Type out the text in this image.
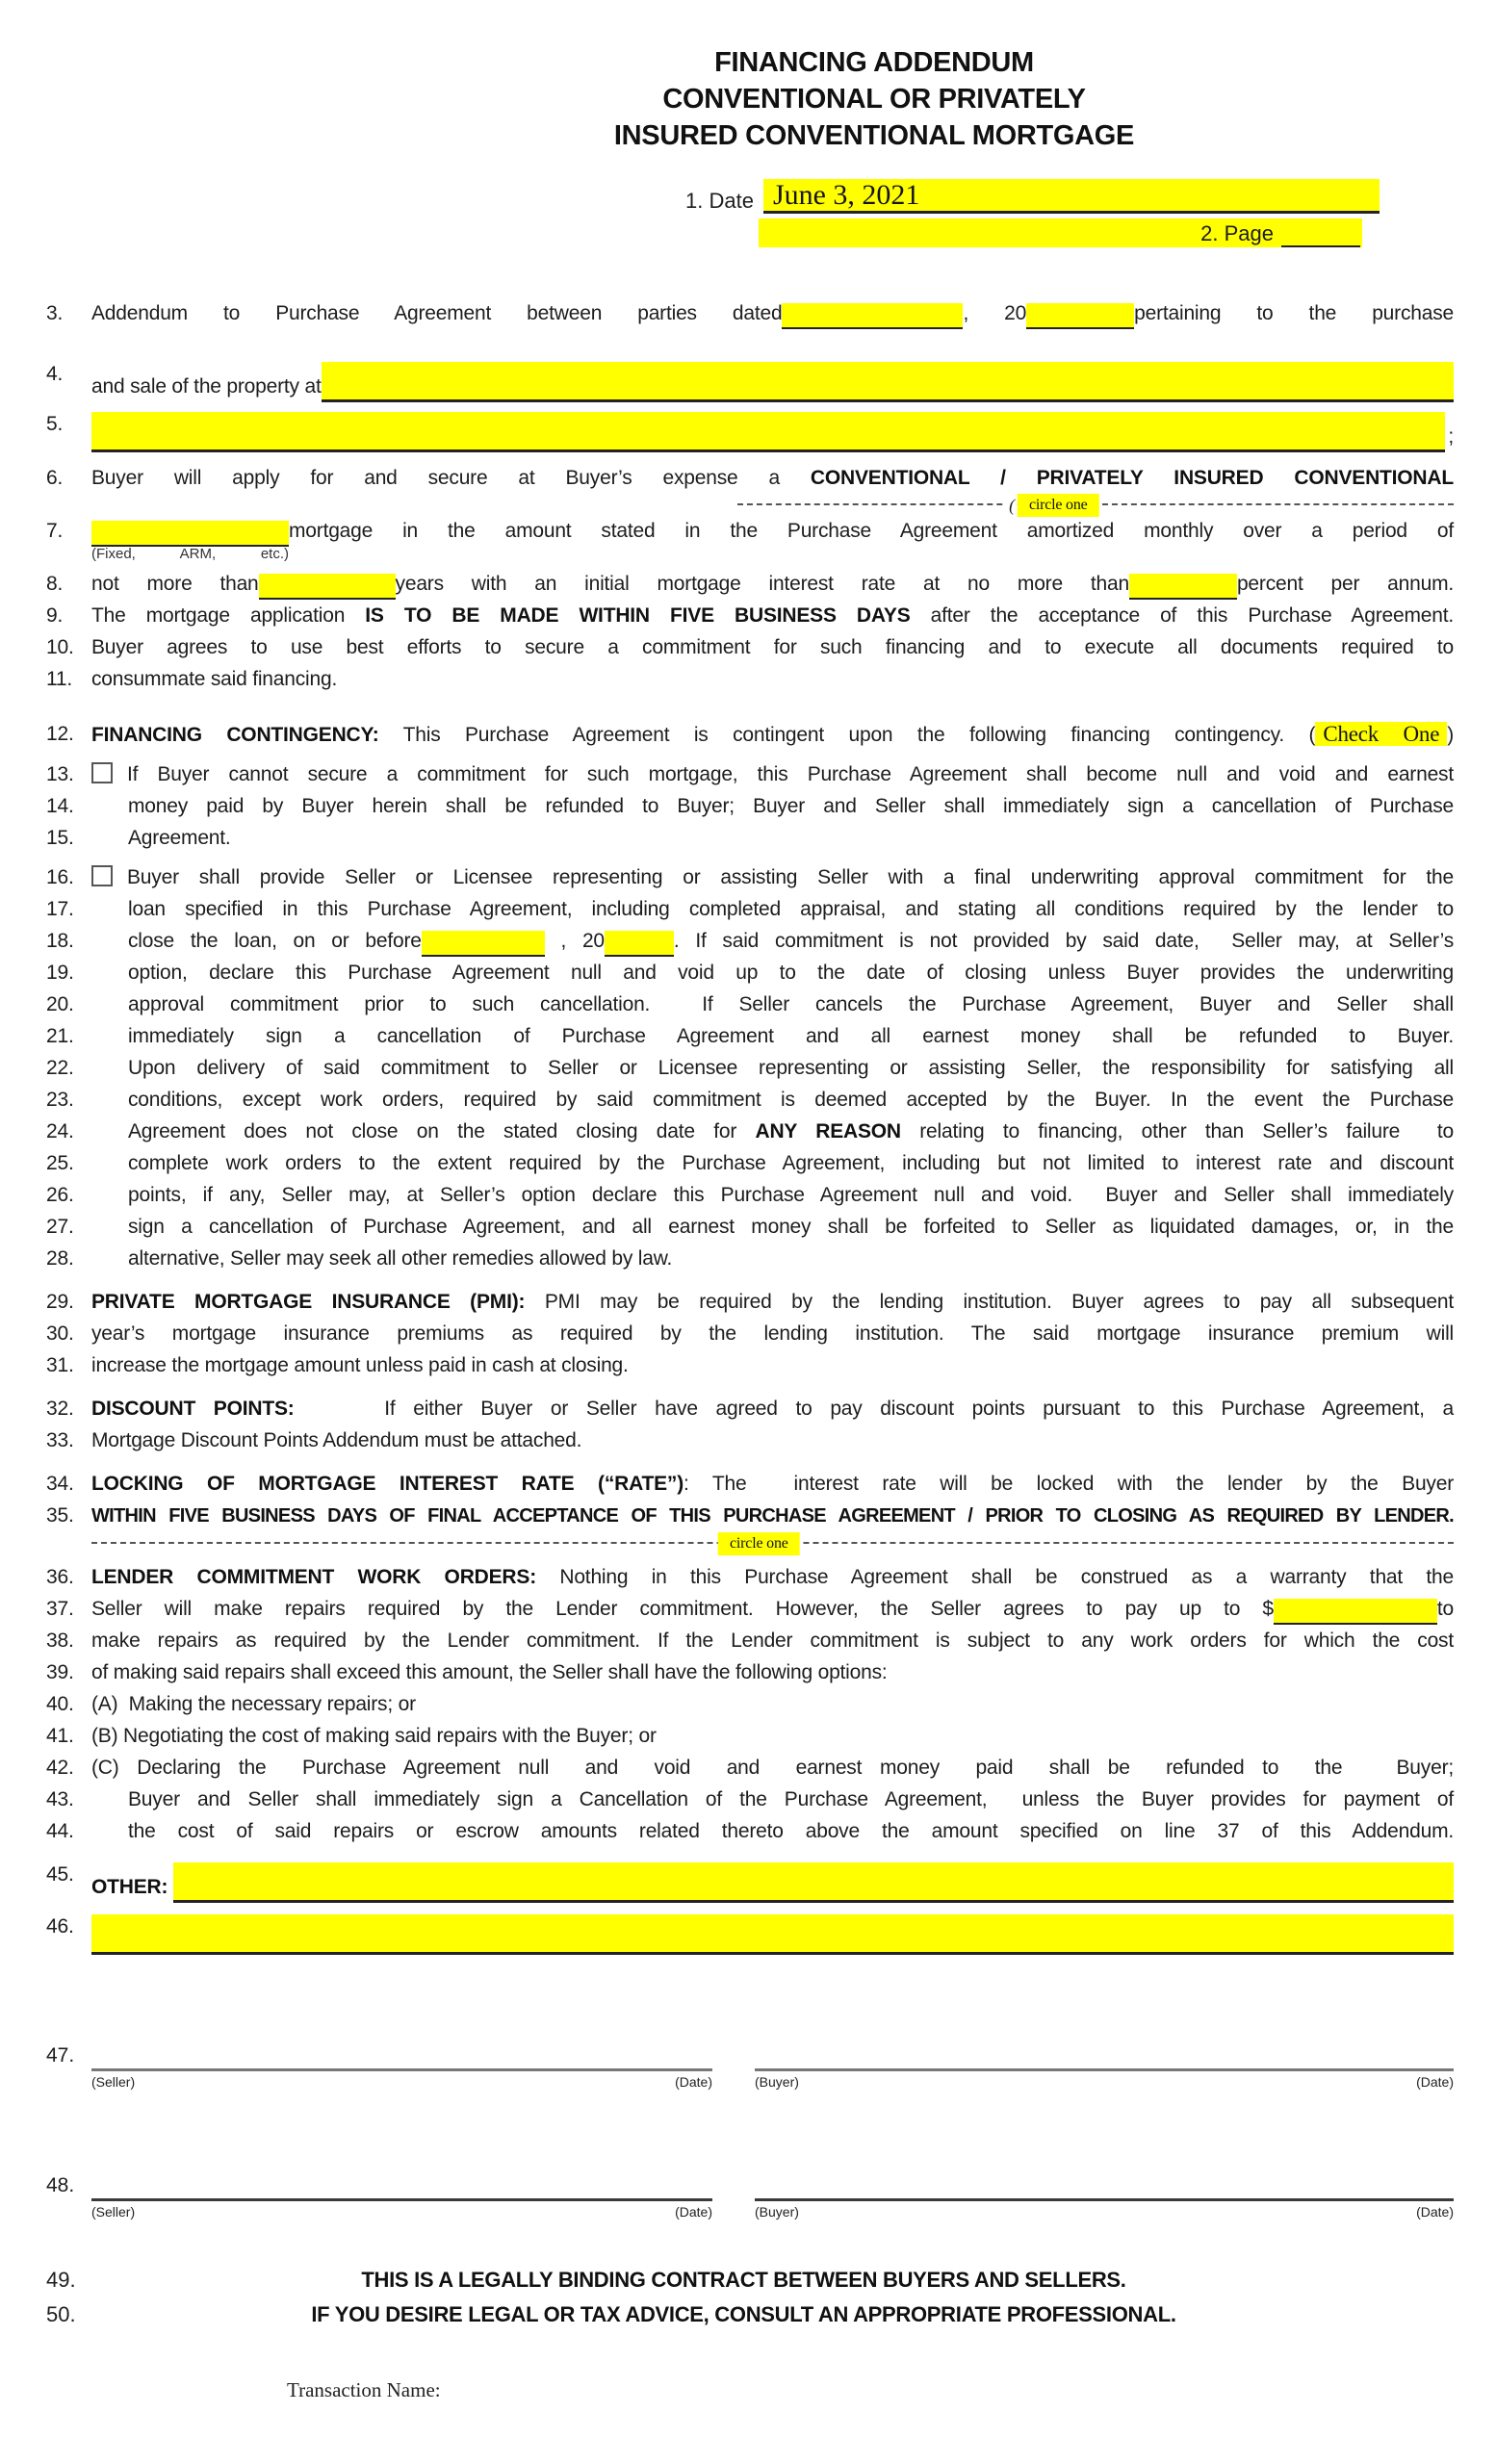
FINANCING ADDENDUM
CONVENTIONAL OR PRIVATELY
INSURED CONVENTIONAL MORTGAGE
1. Date June 3, 2021
2. Page
3.	Addendum to Purchase Agreement between parties dated	, 20	pertaining to the purchase
4.
and sale of the property at
5.
;
6.	Buyer will apply for and secure at Buyer’s expense a CONVENTIONAL / PRIVATELY INSURED CONVENTIONAL
( circle one
7.
(Fixed, ARM, etc.)
mortgage in the amount stated in the Purchase Agreement amortized monthly over a period of
8.	not more than	years with an initial mortgage interest rate at no more than	percent per annum.
9.	The mortgage application IS TO BE MADE WITHIN FIVE BUSINESS DAYS after the acceptance of this Purchase Agreement.
10. Buyer agrees to use best efforts to secure a commitment for such financing and to execute all documents required to
11. consummate said financing.
12. FINANCING CONTINGENCY: This Purchase Agreement is contingent upon the following financing contingency. ( Check One )
13.	If Buyer cannot secure a commitment for such mortgage, this Purchase Agreement shall become null and void and earnest
14.	money paid by Buyer herein shall be refunded to Buyer; Buyer and Seller shall immediately sign a cancellation of Purchase
15.	Agreement.
16.	Buyer shall provide Seller or Licensee representing or assisting Seller with a final underwriting approval commitment for the
17.	loan specified in this Purchase Agreement, including completed appraisal, and stating all conditions required by the lender to
18.	close the loan, on or before	, 20	. If said commitment is not provided by said date,  Seller may, at Seller’s
19.	option, declare this Purchase Agreement null and void up to the date of closing unless Buyer provides the underwriting
20.	approval commitment prior to such cancellation.  If Seller cancels the Purchase Agreement, Buyer and Seller shall
21.	immediately sign a cancellation of Purchase Agreement and all earnest money shall be refunded to Buyer.
22.	Upon delivery of said commitment to Seller or Licensee representing or assisting Seller, the responsibility for satisfying all
23.	conditions, except work orders, required by said commitment is deemed accepted by the Buyer. In the event the Purchase
24.	Agreement does not close on the stated closing date for ANY REASON relating to financing, other than Seller’s failure  to
25.	complete work orders to the extent required by the Purchase Agreement, including but not limited to interest rate and discount
26.	points, if any, Seller may, at Seller’s option declare this Purchase Agreement null and void.  Buyer and Seller shall immediately
27.	sign a cancellation of Purchase Agreement, and all earnest money shall be forfeited to Seller as liquidated damages, or, in the
28.	alternative, Seller may seek all other remedies allowed by law.
29. PRIVATE MORTGAGE INSURANCE (PMI): PMI may be required by the lending institution. Buyer agrees to pay all subsequent
30. year’s mortgage insurance premiums as required by the lending institution. The said mortgage insurance premium will
31. increase the mortgage amount unless paid in cash at closing.
32. DISCOUNT POINTS:     If either Buyer or Seller have agreed to pay discount points pursuant to this Purchase Agreement, a
33. Mortgage Discount Points Addendum must be attached.
34. LOCKING OF MORTGAGE INTEREST RATE (“RATE”): The  interest rate will be locked with the lender by the Buyer
35. WITHIN FIVE BUSINESS DAYS OF FINAL ACCEPTANCE OF THIS PURCHASE AGREEMENT / PRIOR TO CLOSING AS REQUIRED BY LENDER.
circle one
36. LENDER COMMITMENT WORK ORDERS: Nothing in this Purchase Agreement shall be construed as a warranty that the
37. Seller will make repairs required by the Lender commitment. However, the Seller agrees to pay up to $	to
38. make repairs as required by the Lender commitment. If the Lender commitment is subject to any work orders for which the cost
39. of making said repairs shall exceed this amount, the Seller shall have the following options:
40. (A)  Making the necessary repairs; or
41. (B) Negotiating the cost of making said repairs with the Buyer; or
42. (C) Declaring the  Purchase Agreement null  and  void  and  earnest money  paid  shall be  refunded to  the   Buyer;
43.	Buyer and Seller shall immediately sign a Cancellation of the Purchase Agreement,  unless the Buyer provides for payment of
44.	the cost of said repairs or escrow amounts related thereto above the amount specified on line 37 of this Addendum.
45.
OTHER:
46.
47.
(Seller)	(Date)	(Buyer)	(Date)
48.
(Seller)	(Date)	(Buyer)	(Date)
49.	THIS IS A LEGALLY BINDING CONTRACT BETWEEN BUYERS AND SELLERS.
50.	IF YOU DESIRE LEGAL OR TAX ADVICE, CONSULT AN APPROPRIATE PROFESSIONAL.
Transaction Name:
